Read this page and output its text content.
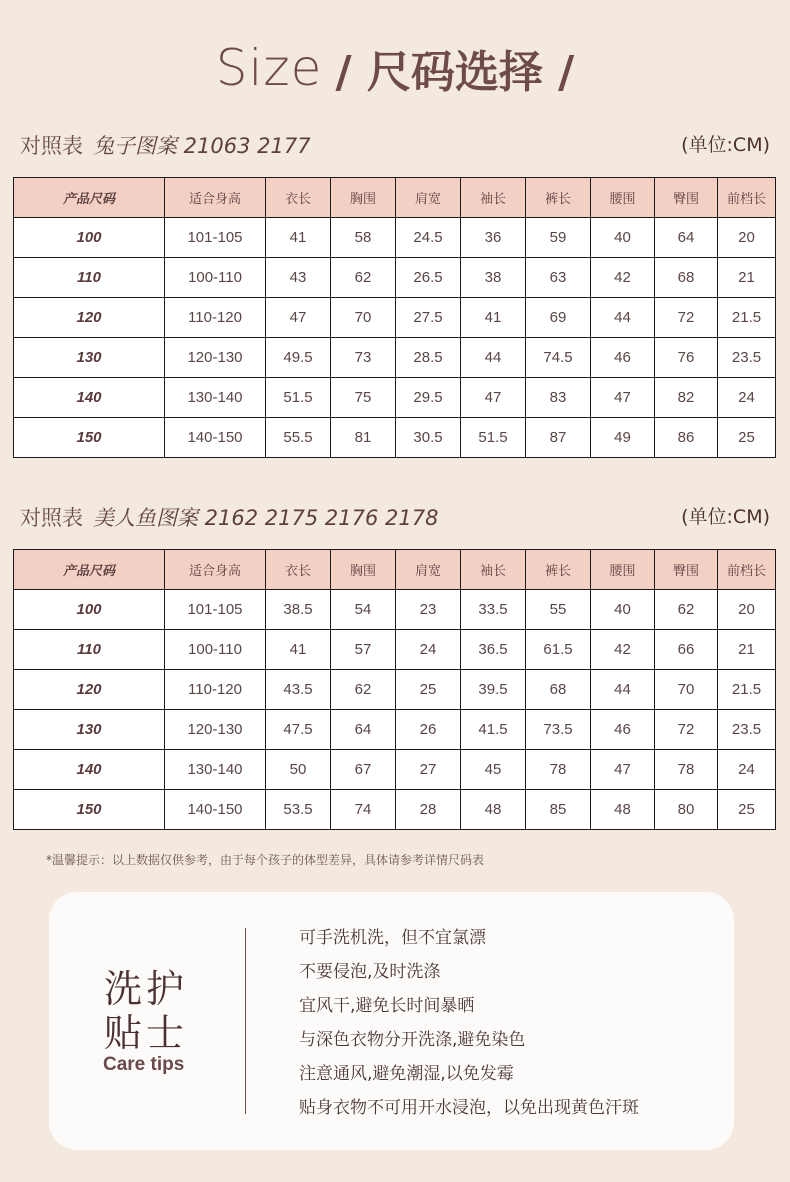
Size / 尺码选择 /
对照表 兔子图案 21063 2177	(单位:CM)
产品尺码	适合身高	衣长	胸围	肩宽	袖长	裤长	腰围	臀围	前档长
100	101-105	41	58	24.5	36	59	40	64	20
110	100-110	43	62	26.5	38	63	42	68	21
120	110-120	47	70	27.5	41	69	44	72	21.5
130	120-130	49.5	73	28.5	44	74.5	46	76	23.5
140	130-140	51.5	75	29.5	47	83	47	82	24
150	140-150	55.5	81	30.5	51.5	87	49	86	25
对照表 美人鱼图案 2162 2175 2176 2178	(单位:CM)
产品尺码	适合身高	衣长	胸围	肩宽	袖长	裤长	腰围	臀围	前档长
100	101-105	38.5	54	23	33.5	55	40	62	20
110	100-110	41	57	24	36.5	61.5	42	66	21
120	110-120	43.5	62	25	39.5	68	44	70	21.5
130	120-130	47.5	64	26	41.5	73.5	46	72	23.5
140	130-140	50	67	27	45	78	47	78	24
150	140-150	53.5	74	28	48	85	48	80	25
*温馨提示：以上数据仅供参考，由于每个孩子的体型差异，具体请参考详情尺码表
洗护贴士
Care tips
可手洗机洗，但不宜氯漂
不要侵泡,及时洗涤
宜风干,避免长时间暴晒
与深色衣物分开洗涤,避免染色
注意通风,避免潮湿,以免发霉
贴身衣物不可用开水浸泡，以免出现黄色汗斑
